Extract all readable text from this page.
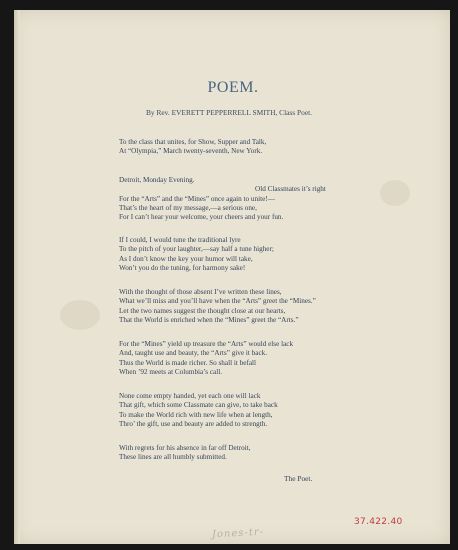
POEM.
By Rev. EVERETT PEPPERRELL SMITH, Class Poet.
To the class that unites, for Show, Supper and Talk,
At “Olympia,” March twenty-seventh, New York.
Detroit, Monday Evening.
Old Classmates it’s right
For the “Arts” and the “Mines” once again to unite!—
That’s the heart of my message,—a serious one,
For I can’t hear your welcome, your cheers and your fun.
If I could, I would tune the traditional lyre
To the pitch of your laughter,—say half a tune higher;
As I don’t know the key your humor will take,
Won’t you do the tuning, for harmony sake!
With the thought of those absent I’ve written these lines,
What we’ll miss and you’ll have when the “Arts” greet the “Mines.”
Let the two names suggest the thought close at our hearts,
That the World is enriched when the “Mines” greet the “Arts.”
For the “Mines” yield up treasure the “Arts” would else lack
And, taught use and beauty, the “Arts” give it back.
Thus the World is made richer. So shall it befall
When ’92 meets at Columbia’s call.
None come empty handed, yet each one will lack
That gift, which some Classmate can give, to take back
To make the World rich with new life when at length,
Thro’ the gift, use and beauty are added to strength.
With regrets for his absence in far off Detroit,
These lines are all humbly submitted.
The Poet.
Jones-tr-
37.422.40
